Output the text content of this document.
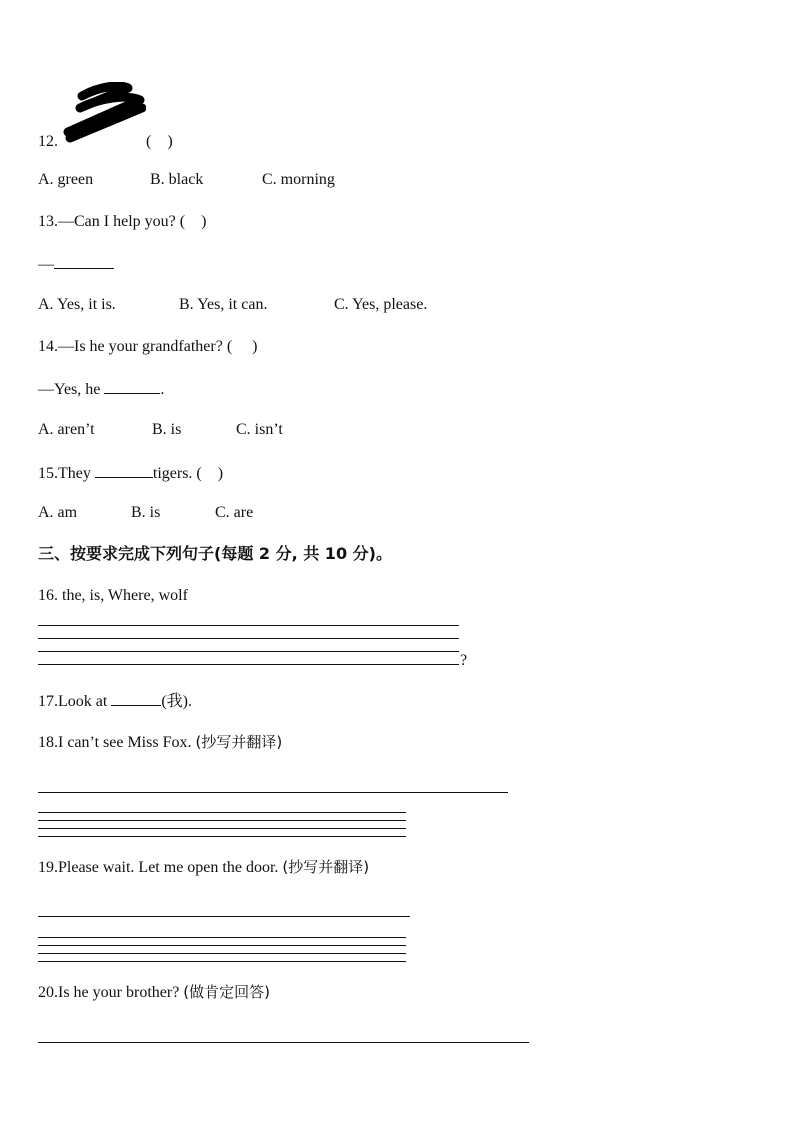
12.	(    )
A. green	B. black	C. morning
13.—Can I help you? (    )
—
A. Yes, it is.	B. Yes, it can.	C. Yes, please.
14.—Is he your grandfather? (     )
—Yes, he	.
A. aren’t	B. is	C. isn’t
15.They	tigers. (    )
A. am	B. is	C. are
三、按要求完成下列句子(每题 2 分, 共 10 分)。
16. the, is, Where, wolf
?
17.Look at	(我).
18.I can’t see Miss Fox. (抄写并翻译)
19.Please wait. Let me open the door. (抄写并翻译)
20.Is he your brother? (做肯定回答)
